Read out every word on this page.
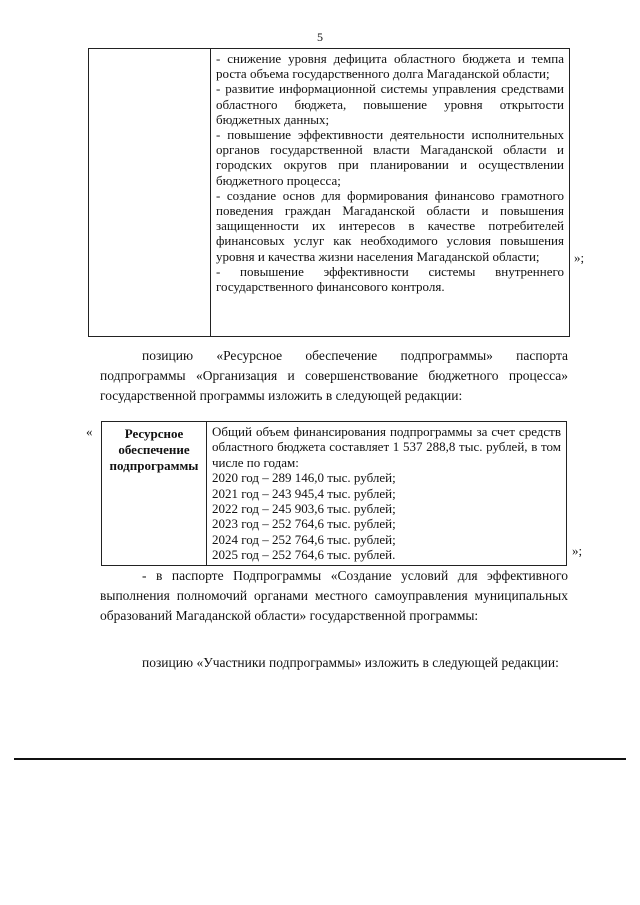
5

- снижение уровня дефицита областного бюджета и темпа роста объема государственного долга Магаданской области;
- развитие информационной системы управления средствами областного бюджета, повышение уровня открытости бюджетных данных;
- повышение эффективности деятельности исполнительных органов государственной власти Магаданской области и городских округов при планировании и осуществлении бюджетного процесса;
- создание основ для формирования финансово грамотного поведения граждан Магаданской области и повышения защищенности их интересов в качестве потребителей финансовых услуг как необходимого условия повышения уровня и качества жизни населения Магаданской области;
- повышение эффективности системы внутреннего государственного финансового контроля.
»;
позицию «Ресурсное обеспечение подпрограммы» паспорта подпрограммы «Организация и совершенствование бюджетного процесса» государственной программы изложить в следующей редакции:
« Ресурсное обеспечение подпрограммы	
Общий объем финансирования подпрограммы за счет средств областного бюджета составляет 1 537 288,8 тыс. рублей, в том числе по годам:
2020 год – 289 146,0 тыс. рублей;
2021 год – 243 945,4 тыс. рублей;
2022 год – 245 903,6 тыс. рублей;
2023 год – 252 764,6 тыс. рублей;
2024 год – 252 764,6 тыс. рублей;
2025 год – 252 764,6 тыс. рублей.	»;
- в паспорте Подпрограммы «Создание условий для эффективного выполнения полномочий органами местного самоуправления муниципальных образований Магаданской области» государственной программы:
позицию «Участники подпрограммы» изложить в следующей редакции:
